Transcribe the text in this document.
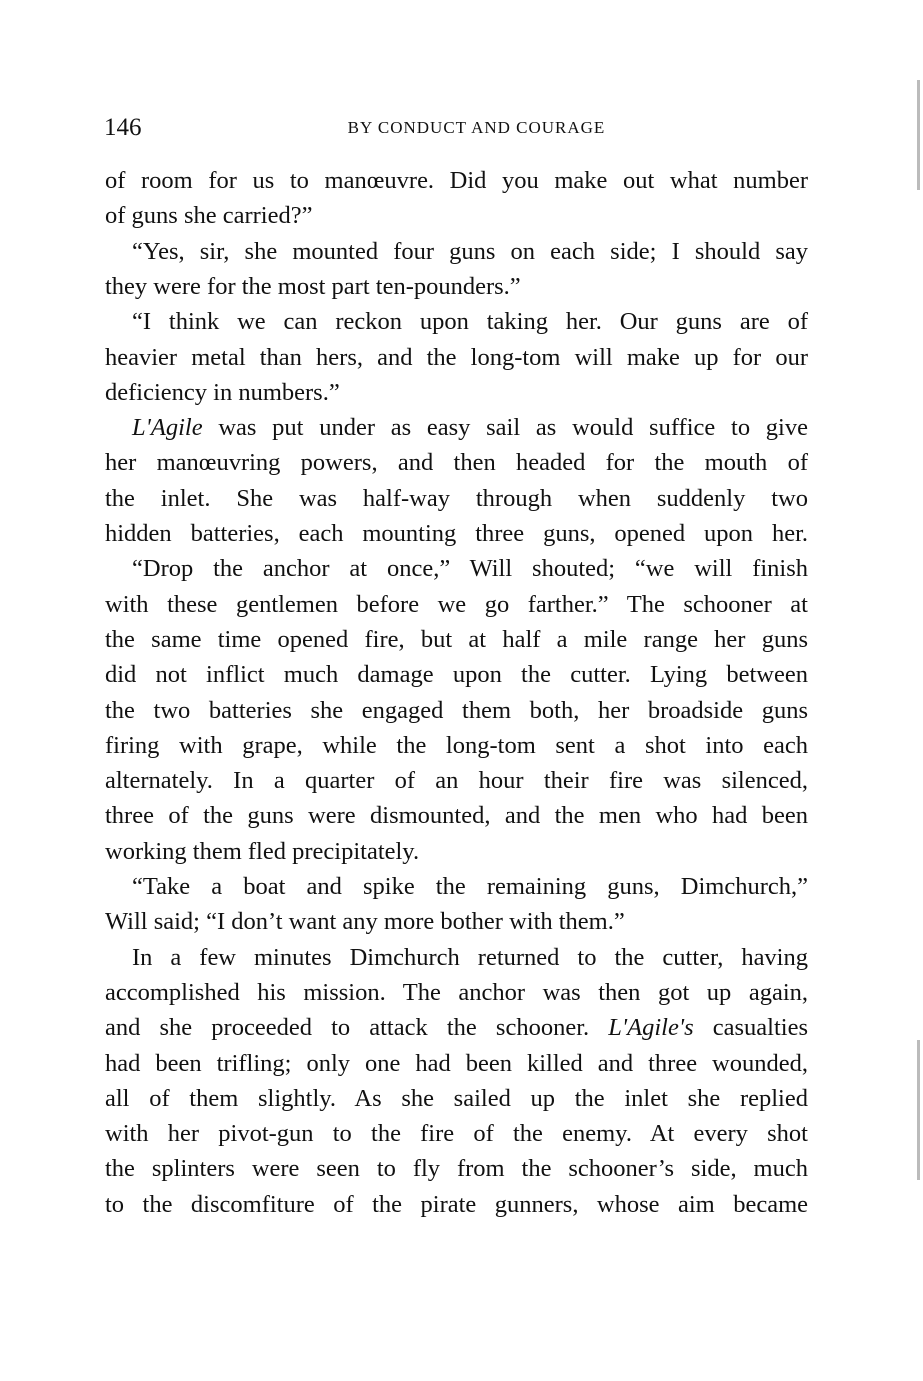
146	BY CONDUCT AND COURAGE
of room for us to manœuvre. Did you make out what number
of guns she carried?”
“Yes, sir, she mounted four guns on each side; I should say
they were for the most part ten-pounders.”
“I think we can reckon upon taking her. Our guns are of
heavier metal than hers, and the long-tom will make up for our
deficiency in numbers.”
L'Agile was put under as easy sail as would suffice to give
her manœuvring powers, and then headed for the mouth of
the inlet. She was half-way through when suddenly two
hidden batteries, each mounting three guns, opened upon her.
“Drop the anchor at once,” Will shouted; “we will finish
with these gentlemen before we go farther.” The schooner at
the same time opened fire, but at half a mile range her guns
did not inflict much damage upon the cutter. Lying between
the two batteries she engaged them both, her broadside guns
firing with grape, while the long-tom sent a shot into each
alternately. In a quarter of an hour their fire was silenced,
three of the guns were dismounted, and the men who had been
working them fled precipitately.
“Take a boat and spike the remaining guns, Dimchurch,”
Will said; “I don’t want any more bother with them.”
In a few minutes Dimchurch returned to the cutter, having
accomplished his mission. The anchor was then got up again,
and she proceeded to attack the schooner. L'Agile's casualties
had been trifling; only one had been killed and three wounded,
all of them slightly. As she sailed up the inlet she replied
with her pivot-gun to the fire of the enemy. At every shot
the splinters were seen to fly from the schooner’s side, much
to the discomfiture of the pirate gunners, whose aim became
